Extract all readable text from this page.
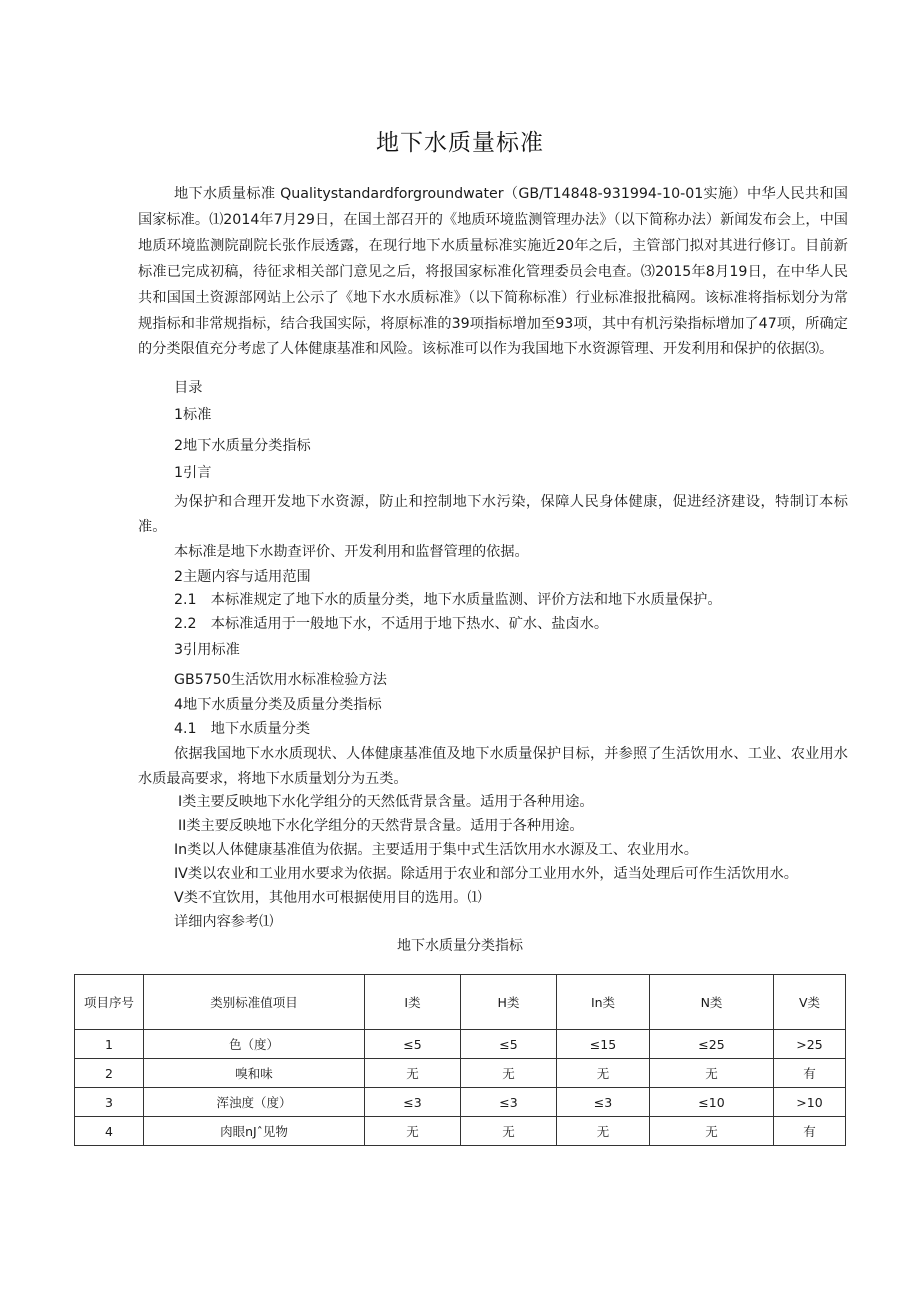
地下水质量标准

地下水质量标准 Qualitystandardforgroundwater（GB/T14848-931994-10-01实施）中华人民共和国国家标准。⑴2014年7月29日，在国土部召开的《地质环境监测管理办法》（以下简称办法）新闻发布会上，中国地质环境监测院副院长张作辰透露，在现行地下水质量标准实施近20年之后，主管部门拟对其进行修订。目前新标准已完成初稿，待征求相关部门意见之后，将报国家标准化管理委员会电查。⑶2015年8月19日，在中华人民共和国国土资源部网站上公示了《地下水水质标准》（以下简称标准）行业标准报批稿网。该标准将指标划分为常规指标和非常规指标，结合我国实际，将原标准的39项指标增加至93项，其中有机污染指标增加了47项，所确定的分类限值充分考虑了人体健康基准和风险。该标准可以作为我国地下水资源管理、开发利用和保护的依据⑶。

目录
1标准
2地下水质量分类指标
1引言

为保护和合理开发地下水资源，防止和控制地下水污染，保障人民身体健康，促进经济建设，特制订本标准。

本标准是地下水勘查评价、开发利用和监督管理的依据。
2主题内容与适用范围
2.1　本标准规定了地下水的质量分类，地下水质量监测、评价方法和地下水质量保护。
2.2　本标准适用于一般地下水，不适用于地下热水、矿水、盐卤水。
3引用标准
GB5750生活饮用水标准检验方法
4地下水质量分类及质量分类指标
4.1　地下水质量分类

依据我国地下水水质现状、人体健康基准值及地下水质量保护目标，并参照了生活饮用水、工业、农业用水水质最高要求，将地下水质量划分为五类。

I类主要反映地下水化学组分的天然低背景含量。适用于各种用途。
II类主要反映地下水化学组分的天然背景含量。适用于各种用途。
In类以人体健康基准值为依据。主要适用于集中式生活饮用水水源及工、农业用水。
IV类以农业和工业用水要求为依据。除适用于农业和部分工业用水外，适当处理后可作生活饮用水。
V类不宜饮用，其他用水可根据使用目的选用。⑴
详细内容参考⑴
地下水质量分类指标
项目序号	类别标准值项目	I类	H类	In类	N类	V类
1	色（度）	≤5	≤5	≤15	≤25	>25
2	嗅和味	无	无	无	无	有
3	浑浊度（度）	≤3	≤3	≤3	≤10	>10
4	肉眼nJˆ见物	无	无	无	无	有
